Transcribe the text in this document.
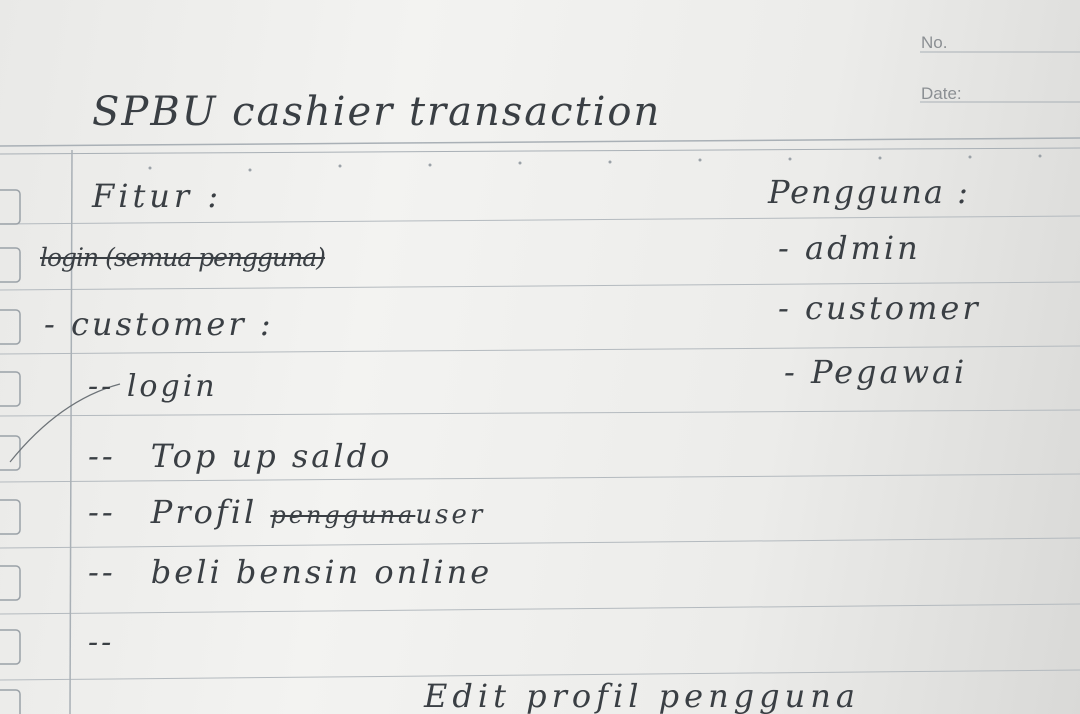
No.
Date:
SPBU cashier transaction
Fitur :
login (semua pengguna)
- customer :
-- login
-- Top up saldo
-- Profil penggunauser
-- beli bensin online
--
Edit profil pengguna
Pengguna :
- admin
- customer
- Pegawai
